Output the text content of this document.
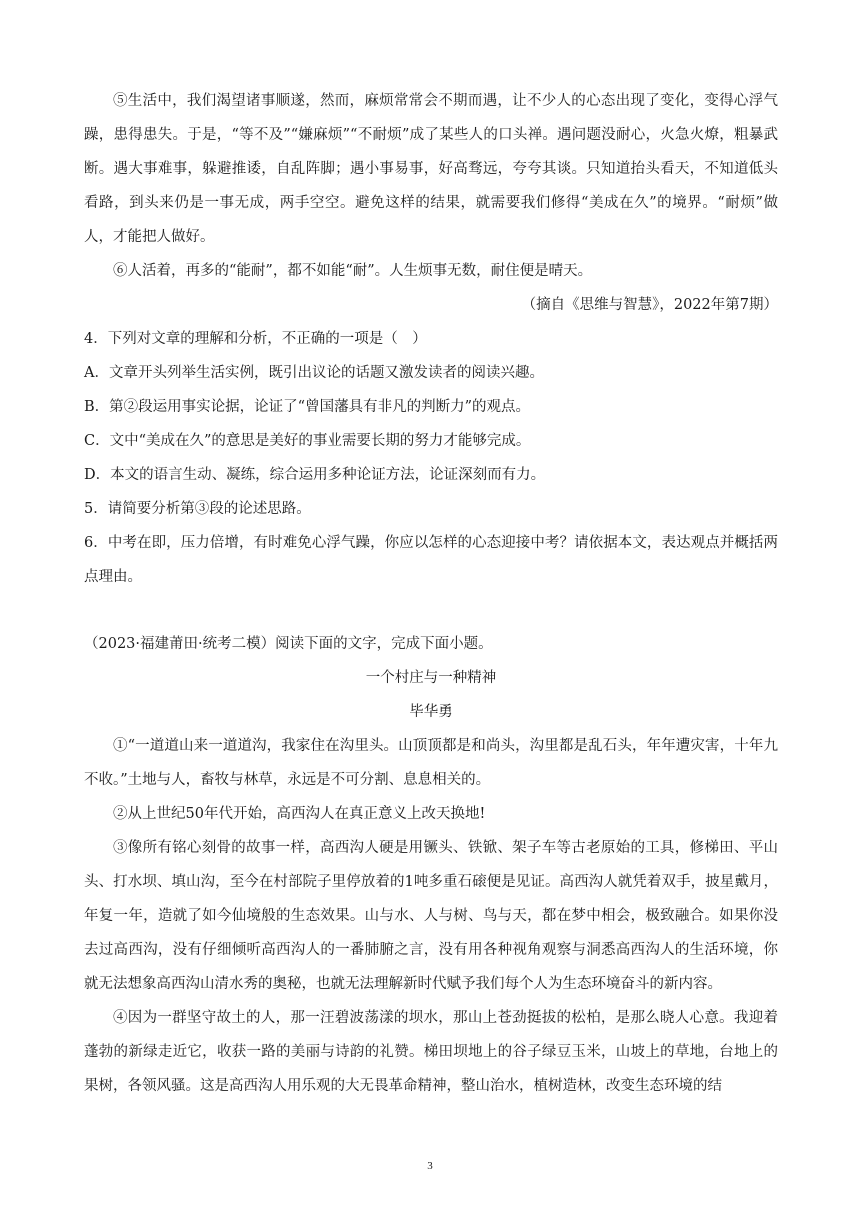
⑤生活中，我们渴望诸事顺遂，然而，麻烦常常会不期而遇，让不少人的心态出现了变化，变得心浮气躁，患得患失。于是，“等不及”“嫌麻烦”“不耐烦”成了某些人的口头禅。遇问题没耐心，火急火燎，粗暴武断。遇大事难事，躲避推诿，自乱阵脚；遇小事易事，好高骛远，夸夸其谈。只知道抬头看天，不知道低头看路，到头来仍是一事无成，两手空空。避免这样的结果，就需要我们修得“美成在久”的境界。“耐烦”做人，才能把人做好。

⑥人活着，再多的“能耐”，都不如能“耐”。人生烦事无数，耐住便是晴天。

（摘自《思维与智慧》，2022年第7期）

4．下列对文章的理解和分析，不正确的一项是（　）

A．文章开头列举生活实例，既引出议论的话题又激发读者的阅读兴趣。

B．第②段运用事实论据，论证了“曾国藩具有非凡的判断力”的观点。

C．文中“美成在久”的意思是美好的事业需要长期的努力才能够完成。

D．本文的语言生动、凝练，综合运用多种论证方法，论证深刻而有力。

5．请简要分析第③段的论述思路。

6．中考在即，压力倍增，有时难免心浮气躁，你应以怎样的心态迎接中考？请依据本文，表达观点并概括两点理由。

（2023·福建莆田·统考二模）阅读下面的文字，完成下面小题。

一个村庄与一种精神

毕华勇

①“一道道山来一道道沟，我家住在沟里头。山顶顶都是和尚头，沟里都是乱石头，年年遭灾害，十年九不收。”土地与人，畜牧与林草，永远是不可分割、息息相关的。

②从上世纪50年代开始，高西沟人在真正意义上改天换地!

③像所有铭心刻骨的故事一样，高西沟人硬是用镢头、铁锨、架子车等古老原始的工具，修梯田、平山头、打水坝、填山沟，至今在村部院子里停放着的1吨多重石磙便是见证。高西沟人就凭着双手，披星戴月，年复一年，造就了如今仙境般的生态效果。山与水、人与树、鸟与天，都在梦中相会，极致融合。如果你没去过高西沟，没有仔细倾听高西沟人的一番肺腑之言，没有用各种视角观察与洞悉高西沟人的生活环境，你就无法想象高西沟山清水秀的奥秘，也就无法理解新时代赋予我们每个人为生态环境奋斗的新内容。

④因为一群坚守故土的人，那一汪碧波荡漾的坝水，那山上苍劲挺拔的松柏，是那么晓人心意。我迎着蓬勃的新绿走近它，收获一路的美丽与诗韵的礼赞。梯田坝地上的谷子绿豆玉米，山坡上的草地，台地上的果树，各领风骚。这是高西沟人用乐观的大无畏革命精神，整山治水，植树造林，改变生态环境的结

3
